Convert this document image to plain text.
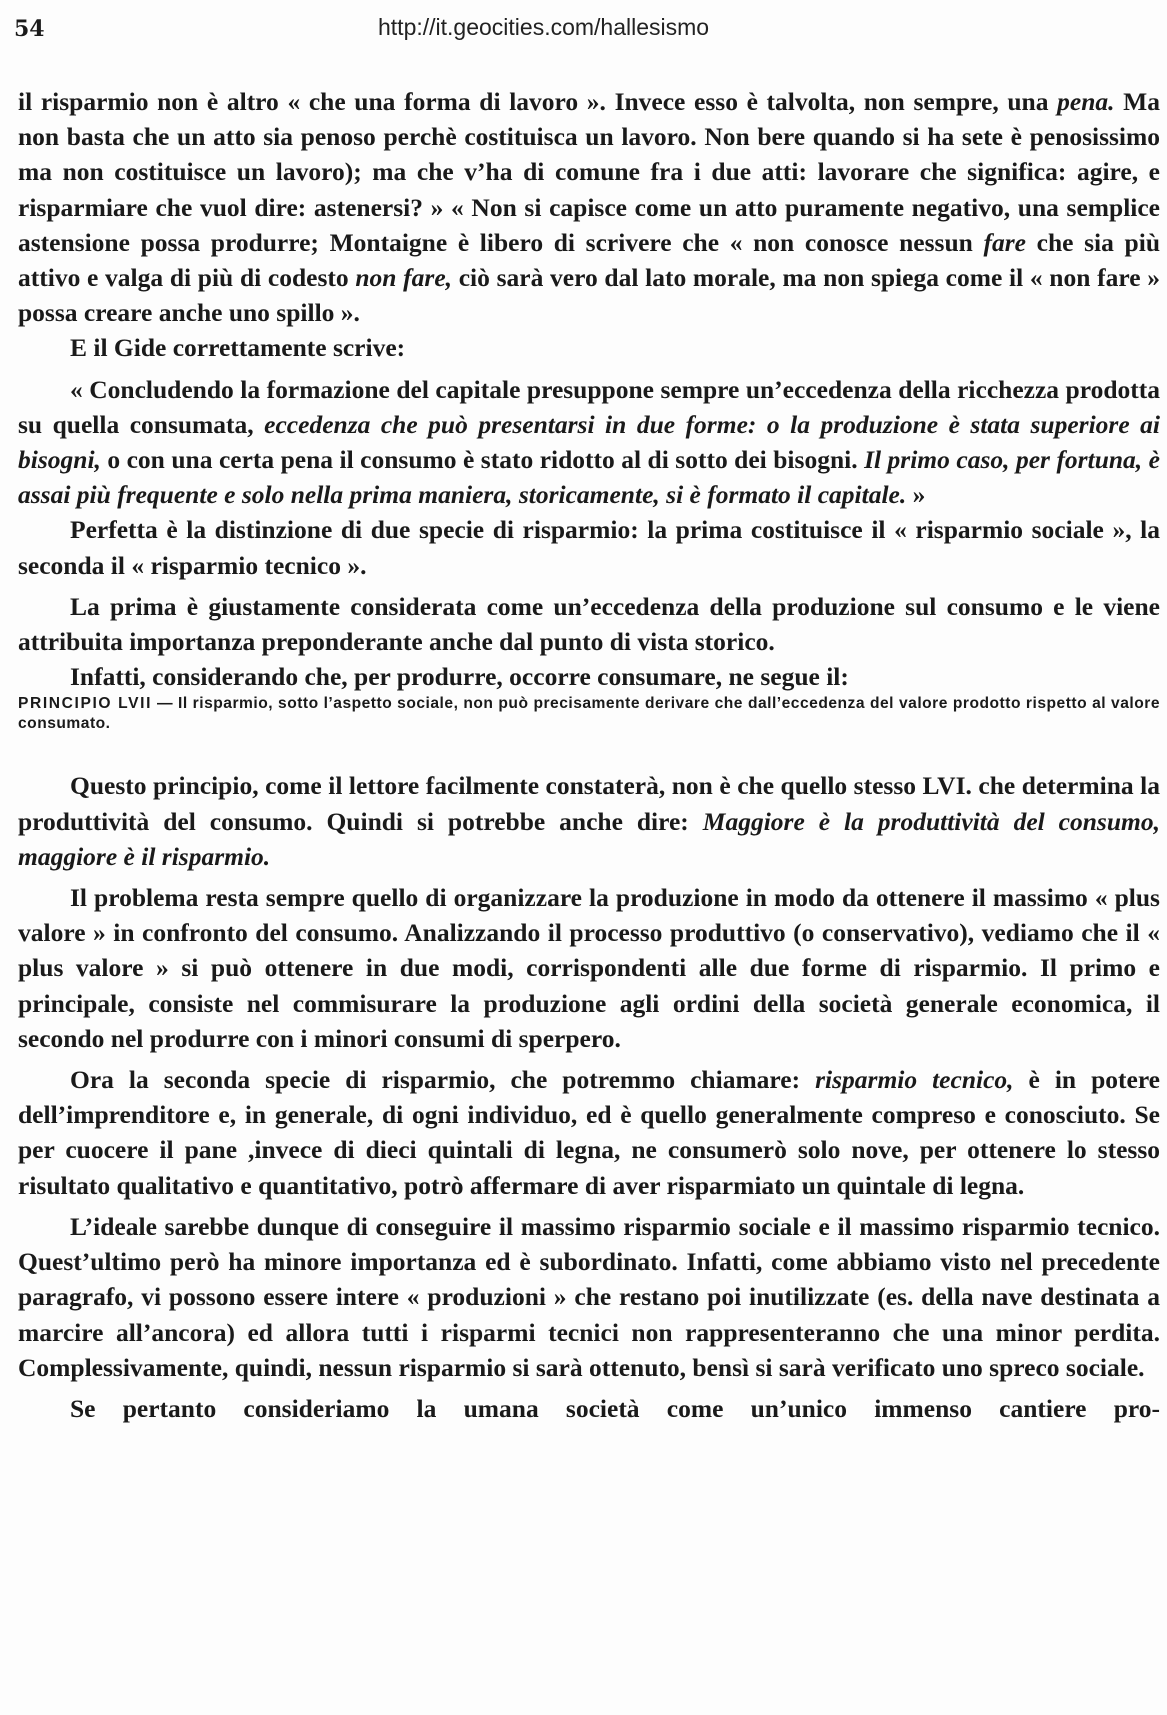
54	http://it.geocities.com/hallesismo

il risparmio non è altro « che una forma di lavoro ». Invece esso è talvolta, non sempre, una pena. Ma non basta che un atto sia penoso perchè costituisca un lavoro. Non bere quando si ha sete è penosissimo ma non costituisce un lavoro); ma che v’ha di comune fra i due atti: lavorare che significa: agire, e risparmiare che vuol dire: astenersi? » « Non si capisce come un atto puramente negativo, una semplice astensione possa produrre; Montaigne è libero di scrivere che « non conosce nessun fare che sia più attivo e valga di più di codesto non fare, ciò sarà vero dal lato morale, ma non spiega come il « non fare » possa creare anche uno spillo ».

E il Gide correttamente scrive:

« Concludendo la formazione del capitale presuppone sempre un’eccedenza della ricchezza prodotta su quella consumata, eccedenza che può presentarsi in due forme: o la produzione è stata superiore ai bisogni, o con una certa pena il consumo è stato ridotto al di sotto dei bisogni. Il primo caso, per fortuna, è assai più frequente e solo nella prima maniera, storicamente, si è formato il capitale. »

Perfetta è la distinzione di due specie di risparmio: la prima costituisce il « risparmio sociale », la seconda il « risparmio tecnico ».

La prima è giustamente considerata come un’eccedenza della produzione sul consumo e le viene attribuita importanza preponderante anche dal punto di vista storico.

Infatti, considerando che, per produrre, occorre consumare, ne segue il:

PRINCIPIO LVII — Il risparmio, sotto l’aspetto sociale, non può precisamente derivare che dall’eccedenza del valore prodotto rispetto al valore consumato.

Questo principio, come il lettore facilmente constaterà, non è che quello stesso LVI. che determina la produttività del consumo. Quindi si potrebbe anche dire: Maggiore è la produttività del consumo, maggiore è il risparmio.

Il problema resta sempre quello di organizzare la produzione in modo da ottenere il massimo « plus valore » in confronto del consumo. Analizzando il processo produttivo (o conservativo), vediamo che il « plus valore » si può ottenere in due modi, corrispondenti alle due forme di risparmio. Il primo e principale, consiste nel commisurare la produzione agli ordini della società generale economica, il secondo nel produrre con i minori consumi di sperpero.

Ora la seconda specie di risparmio, che potremmo chiamare: risparmio tecnico, è in potere dell’imprenditore e, in generale, di ogni individuo, ed è quello generalmente compreso e conosciuto. Se per cuocere il pane ,invece di dieci quintali di legna, ne consumerò solo nove, per ottenere lo stesso risultato qualitativo e quantitativo, potrò affermare di aver risparmiato un quintale di legna.

L’ideale sarebbe dunque di conseguire il massimo risparmio sociale e il massimo risparmio tecnico. Quest’ultimo però ha minore importanza ed è subordinato. Infatti, come abbiamo visto nel precedente paragrafo, vi possono essere intere « produzioni » che restano poi inutilizzate (es. della nave destinata a marcire all’ancora) ed allora tutti i risparmi tecnici non rappresenteranno che una minor perdita. Complessivamente, quindi, nessun risparmio si sarà ottenuto, bensì si sarà verificato uno spreco sociale.

Se pertanto consideriamo la umana società come un’unico immenso cantiere pro-
